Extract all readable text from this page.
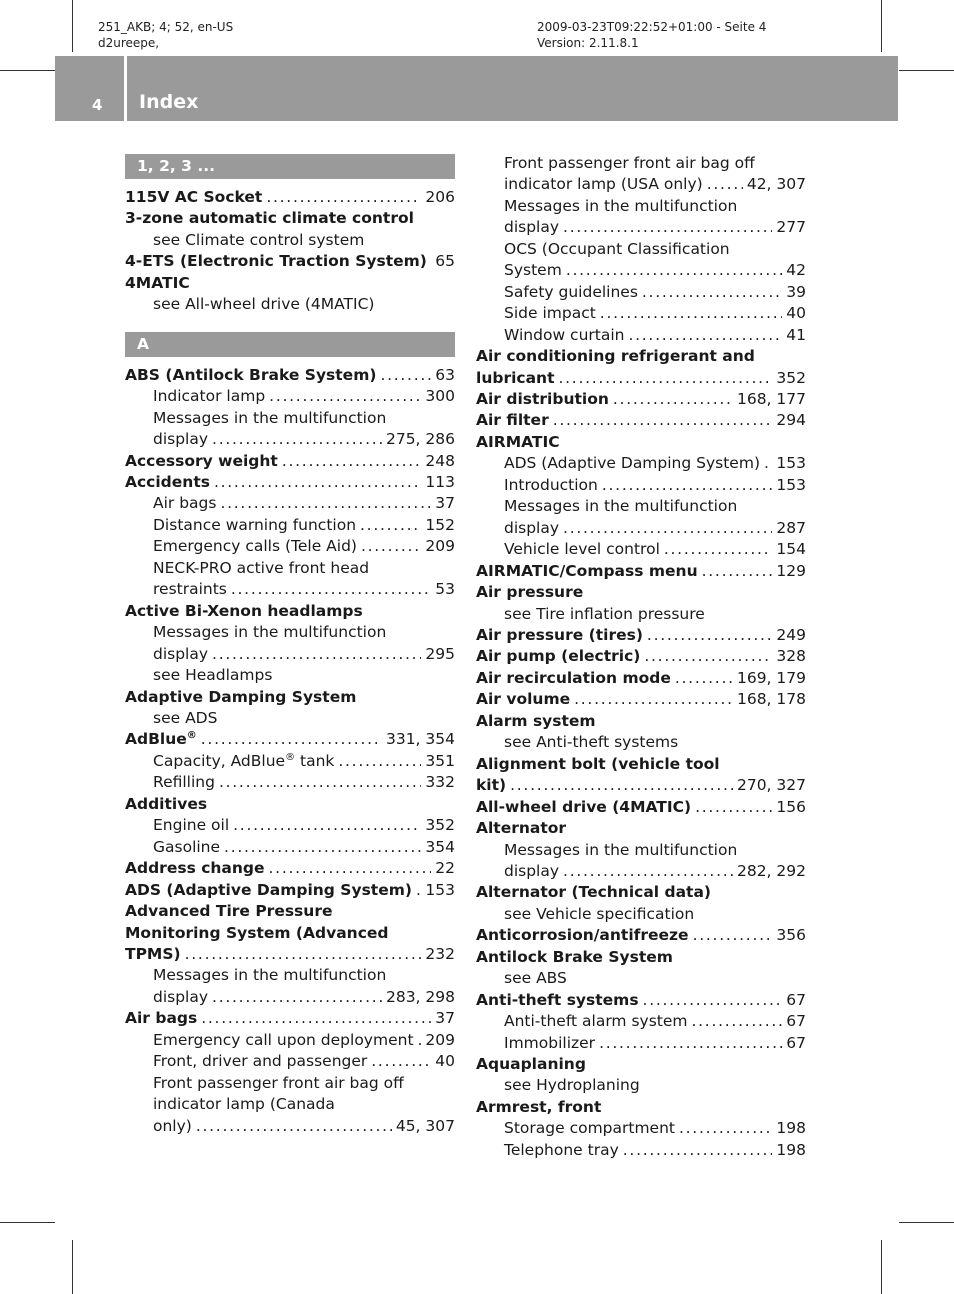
251_AKB; 4; 52, en-US
d2ureepe,
2009-03-23T09:22:52+01:00 - Seite 4
Version: 2.11.8.1
4 Index
1, 2, 3 ...
115V AC Socket . . .	206
3-zone automatic climate control
see Climate control system
4-ETS (Electronic Traction System) . . . 65
4MATIC
see All-wheel drive (4MATIC)
A
ABS (Antilock Brake System) . . .	63
Indicator lamp . . .	300
Messages in the multifunction
display . . .	275, 286
Accessory weight . . .	248
Accidents . . .	113
Air bags . . .	37
Distance warning function . . .	152
Emergency calls (Tele Aid) . . .	209
NECK-PRO active front head
restraints . . .	53
Active Bi-Xenon headlamps
Messages in the multifunction
display . . .	295
see Headlamps
Adaptive Damping System
see ADS
AdBlue® . . .	331, 354
Capacity, AdBlue® tank . . .	351
Refilling . . .	332
Additives
Engine oil . . .	352
Gasoline . . .	354
Address change . . .	22
ADS (Adaptive Damping System) . . . 153
Advanced Tire Pressure
Monitoring System (Advanced
TPMS) . . .	232
Messages in the multifunction
display . . .	283, 298
Air bags . . .	37
Emergency call upon deployment . . . 209
Front, driver and passenger . . .	40
Front passenger front air bag off
indicator lamp (Canada
only) . . .	45, 307
Front passenger front air bag off
indicator lamp (USA only) . . .	42, 307
Messages in the multifunction
display . . .	277
OCS (Occupant Classification
System . . .	42
Safety guidelines . . .	39
Side impact . . .	40
Window curtain . . .	41
Air conditioning refrigerant and
lubricant . . .	352
Air distribution . . .	168, 177
Air filter . . .	294
AIRMATIC
ADS (Adaptive Damping System) . . . 153
Introduction . . .	153
Messages in the multifunction
display . . .	287
Vehicle level control . . .	154
AIRMATIC/Compass menu . . .	129
Air pressure
see Tire inflation pressure
Air pressure (tires) . . .	249
Air pump (electric) . . .	328
Air recirculation mode . . .	169, 179
Air volume . . .	168, 178
Alarm system
see Anti-theft systems
Alignment bolt (vehicle tool
kit) . . .	270, 327
All-wheel drive (4MATIC) . . .	156
Alternator
Messages in the multifunction
display . . .	282, 292
Alternator (Technical data)
see Vehicle specification
Anticorrosion/antifreeze . . .	356
Antilock Brake System
see ABS
Anti-theft systems . . .	67
Anti-theft alarm system . . .	67
Immobilizer . . .	67
Aquaplaning
see Hydroplaning
Armrest, front
Storage compartment . . .	198
Telephone tray . . .	198
